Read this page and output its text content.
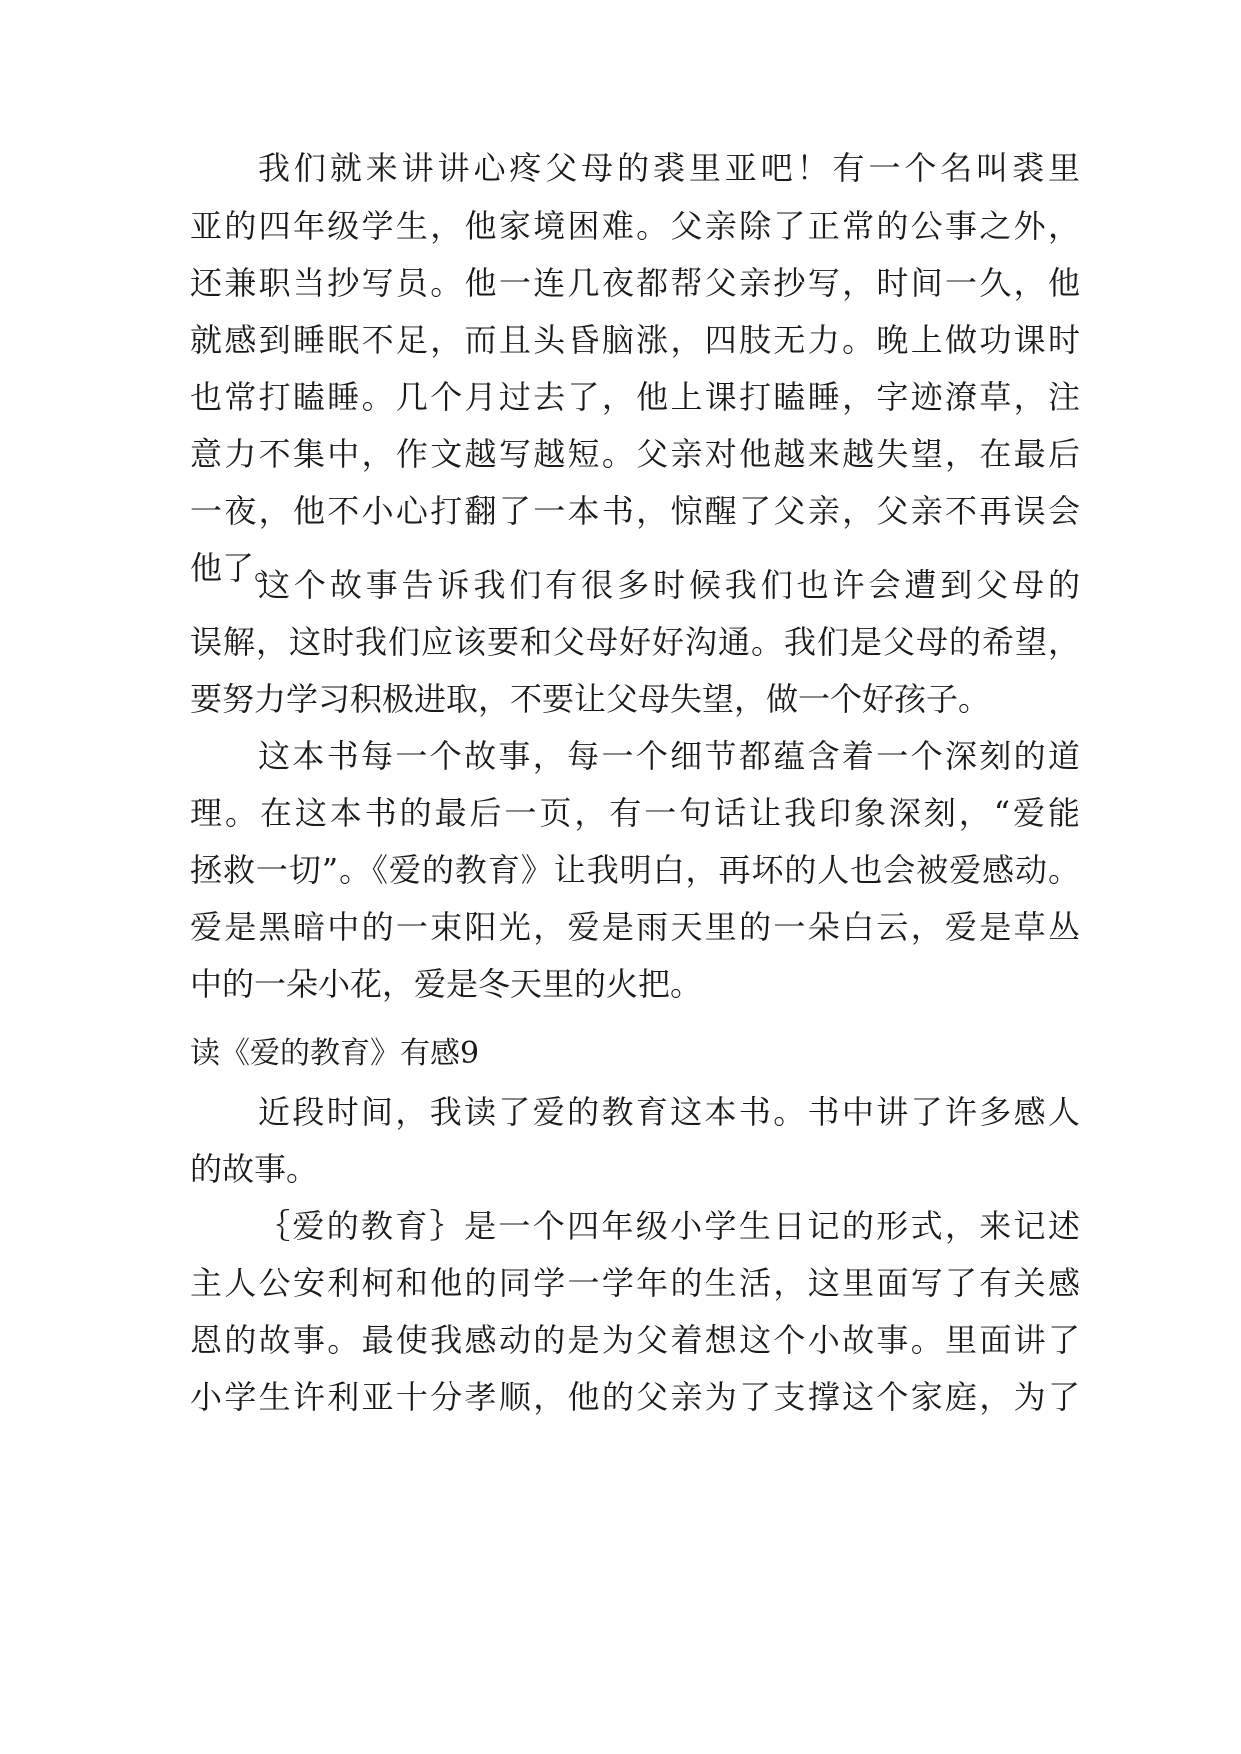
我们就来讲讲心疼父母的裘里亚吧！有一个名叫裘里
亚的四年级学生，他家境困难。父亲除了正常的公事之外，
还兼职当抄写员。他一连几夜都帮父亲抄写，时间一久，他
就感到睡眠不足，而且头昏脑涨，四肢无力。晚上做功课时
也常打瞌睡。几个月过去了，他上课打瞌睡，字迹潦草，注
意力不集中，作文越写越短。父亲对他越来越失望，在最后
一夜，他不小心打翻了一本书，惊醒了父亲，父亲不再误会
他了。
这个故事告诉我们有很多时候我们也许会遭到父母的
误解，这时我们应该要和父母好好沟通。我们是父母的希望，
要努力学习积极进取，不要让父母失望，做一个好孩子。
这本书每一个故事，每一个细节都蕴含着一个深刻的道
理。在这本书的最后一页，有一句话让我印象深刻，“爱能
拯救一切”。《爱的教育》让我明白，再坏的人也会被爱感动。
爱是黑暗中的一束阳光，爱是雨天里的一朵白云，爱是草丛
中的一朵小花，爱是冬天里的火把。
读《爱的教育》有感9
近段时间，我读了爱的教育这本书。书中讲了许多感人
的故事。
｛爱的教育｝是一个四年级小学生日记的形式，来记述
主人公安利柯和他的同学一学年的生活，这里面写了有关感
恩的故事。最使我感动的是为父着想这个小故事。里面讲了
小学生许利亚十分孝顺，他的父亲为了支撑这个家庭，为了
